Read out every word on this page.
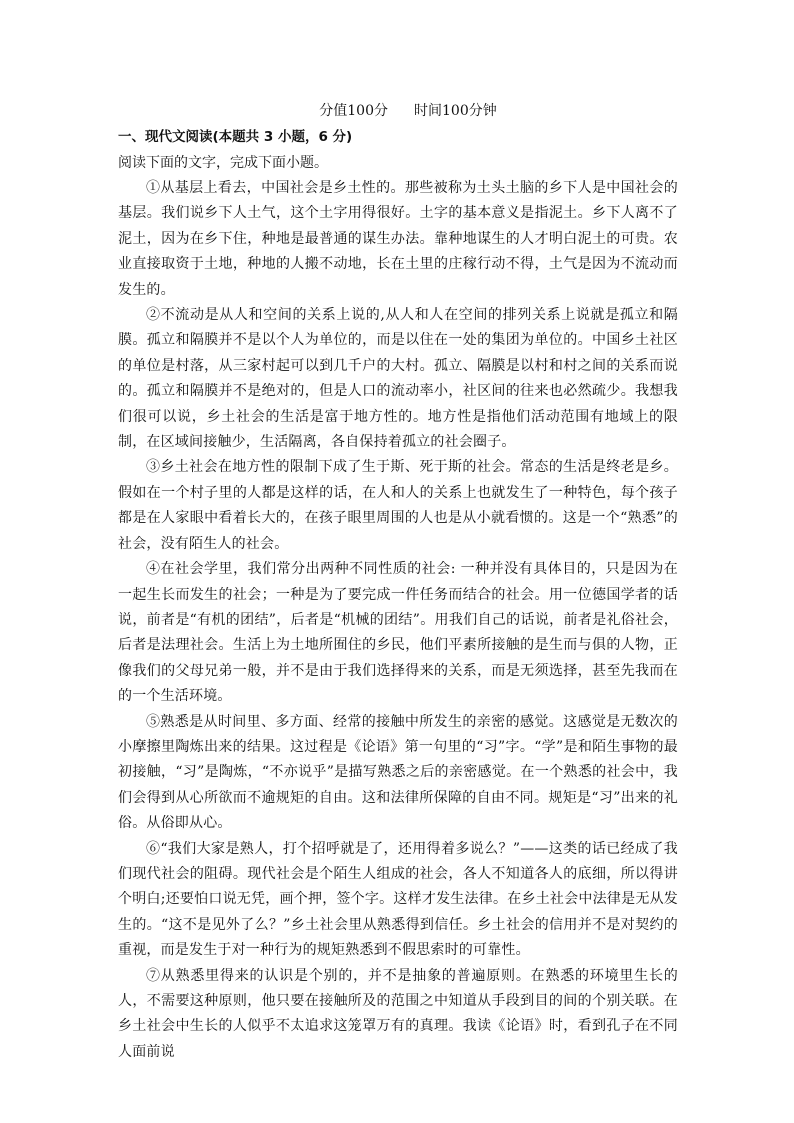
分值100分 时间100分钟
一、现代文阅读(本题共 3 小题，6 分)
阅读下面的文字，完成下面小题。

①从基层上看去，中国社会是乡土性的。那些被称为土头土脑的乡下人是中国社会的基层。我们说乡下人土气，这个土字用得很好。土字的基本意义是指泥土。乡下人离不了泥土，因为在乡下住，种地是最普通的谋生办法。靠种地谋生的人才明白泥土的可贵。农业直接取资于土地，种地的人搬不动地，长在土里的庄稼行动不得，土气是因为不流动而发生的。

②不流动是从人和空间的关系上说的,从人和人在空间的排列关系上说就是孤立和隔膜。孤立和隔膜并不是以个人为单位的，而是以住在一处的集团为单位的。中国乡土社区的单位是村落，从三家村起可以到几千户的大村。孤立、隔膜是以村和村之间的关系而说的。孤立和隔膜并不是绝对的，但是人口的流动率小，社区间的往来也必然疏少。我想我们很可以说，乡土社会的生活是富于地方性的。地方性是指他们活动范围有地域上的限制，在区域间接触少，生活隔离，各自保持着孤立的社会圈子。

③乡土社会在地方性的限制下成了生于斯、死于斯的社会。常态的生活是终老是乡。假如在一个村子里的人都是这样的话，在人和人的关系上也就发生了一种特色，每个孩子都是在人家眼中看着长大的，在孩子眼里周围的人也是从小就看惯的。这是一个“熟悉”的社会，没有陌生人的社会。

④在社会学里，我们常分出两种不同性质的社会: 一种并没有具体目的，只是因为在一起生长而发生的社会；一种是为了要完成一件任务而结合的社会。用一位德国学者的话说，前者是“有机的团结”，后者是“机械的团结”。用我们自己的话说，前者是礼俗社会，后者是法理社会。生活上为土地所囿住的乡民，他们平素所接触的是生而与俱的人物，正像我们的父母兄弟一般，并不是由于我们选择得来的关系，而是无须选择，甚至先我而在的一个生活环境。

⑤熟悉是从时间里、多方面、经常的接触中所发生的亲密的感觉。这感觉是无数次的小摩擦里陶炼出来的结果。这过程是《论语》第一句里的“习”字。“学”是和陌生事物的最初接触，“习”是陶炼，“不亦说乎”是描写熟悉之后的亲密感觉。在一个熟悉的社会中，我们会得到从心所欲而不逾规矩的自由。这和法律所保障的自由不同。规矩是“习”出来的礼俗。从俗即从心。

⑥“我们大家是熟人，打个招呼就是了，还用得着多说么？”——这类的话已经成了我们现代社会的阻碍。现代社会是个陌生人组成的社会，各人不知道各人的底细，所以得讲个明白;还要怕口说无凭，画个押，签个字。这样才发生法律。在乡土社会中法律是无从发生的。“这不是见外了么？”乡土社会里从熟悉得到信任。乡土社会的信用并不是对契约的重视，而是发生于对一种行为的规矩熟悉到不假思索时的可靠性。

⑦从熟悉里得来的认识是个别的，并不是抽象的普遍原则。在熟悉的环境里生长的人，不需要这种原则，他只要在接触所及的范围之中知道从手段到目的间的个别关联。在乡土社会中生长的人似乎不太追求这笼罩万有的真理。我读《论语》时，看到孔子在不同人面前说
